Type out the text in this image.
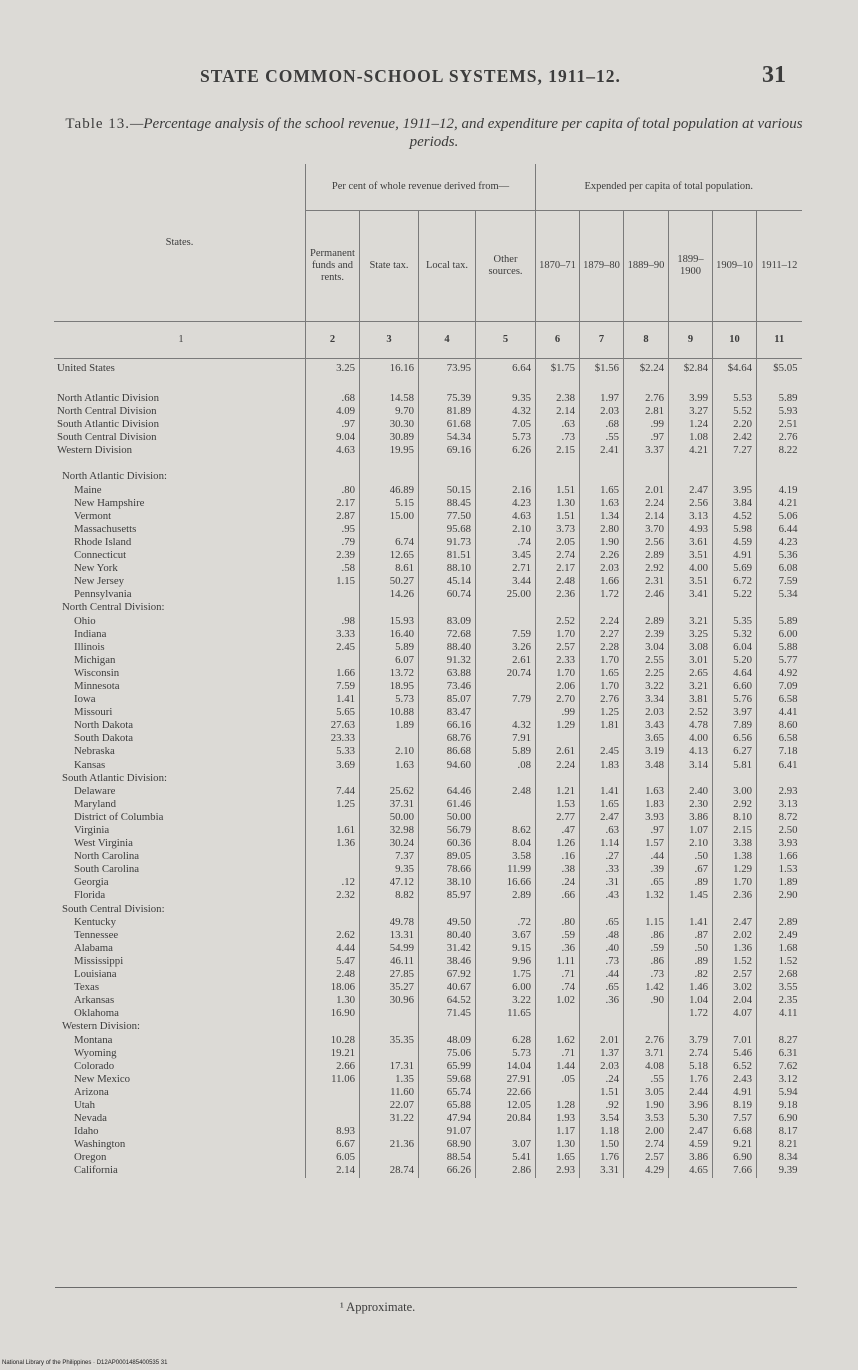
STATE COMMON-SCHOOL SYSTEMS, 1911–12.	31
Table 13.—Percentage analysis of the school revenue, 1911–12, and expenditure per capita of total population at various periods.
States.	Per cent of whole revenue derived from—				Expended per capita of total population.					
	Permanent funds and rents.	State tax.	Local tax.	Other sources.	1870–71	1879–80	1889–90	1899–1900	1909–10	1911–12
1	2	3	4	5	6	7	8	9	10	11
United States	3.25	16.16	73.95	6.64	$1.75	$1.56	$2.24	$2.84	$4.64	$5.05

North Atlantic Division	.68	14.58	75.39	9.35	2.38	1.97	2.76	3.99	5.53	5.89
North Central Division	4.09	9.70	81.89	4.32	2.14	2.03	2.81	3.27	5.52	5.93
South Atlantic Division	.97	30.30	61.68	7.05	.63	.68	.99	1.24	2.20	2.51
South Central Division	9.04	30.89	54.34	5.73	.73	.55	.97	1.08	2.42	2.76
Western Division	4.63	19.95	69.16	6.26	2.15	2.41	3.37	4.21	7.27	8.22

North Atlantic Division:										
Maine	.80	46.89	50.15	2.16	1.51	1.65	2.01	2.47	3.95	4.19
New Hampshire	2.17	5.15	88.45	4.23	1.30	1.63	2.24	2.56	3.84	4.21
Vermont	2.87	15.00	77.50	4.63	1.51	1.34	2.14	3.13	4.52	5.06
Massachusetts	.95		95.68	2.10	3.73	2.80	3.70	4.93	5.98	6.44
Rhode Island	.79	6.74	91.73	.74	2.05	1.90	2.56	3.61	4.59	4.23
Connecticut	2.39	12.65	81.51	3.45	2.74	2.26	2.89	3.51	4.91	5.36
New York	.58	8.61	88.10	2.71	2.17	2.03	2.92	4.00	5.69	6.08
New Jersey	1.15	50.27	45.14	3.44	2.48	1.66	2.31	3.51	6.72	7.59
Pennsylvania		14.26	60.74	25.00	2.36	1.72	2.46	3.41	5.22	5.34
North Central Division:										
Ohio	.98	15.93	83.09		2.52	2.24	2.89	3.21	5.35	5.89
Indiana	3.33	16.40	72.68	7.59	1.70	2.27	2.39	3.25	5.32	6.00
Illinois	2.45	5.89	88.40	3.26	2.57	2.28	3.04	3.08	6.04	5.88
Michigan		6.07	91.32	2.61	2.33	1.70	2.55	3.01	5.20	5.77
Wisconsin	1.66	13.72	63.88	20.74	1.70	1.65	2.25	2.65	4.64	4.92
Minnesota	7.59	18.95	73.46		2.06	1.70	3.22	3.21	6.60	7.09
Iowa	1.41	5.73	85.07	7.79	2.70	2.76	3.34	3.81	5.76	6.58
Missouri	5.65	10.88	83.47		.99	1.25	2.03	2.52	3.97	4.41
North Dakota	27.63	1.89	66.16	4.32	1.29	1.81	3.43	4.78	7.89	8.60
South Dakota	23.33		68.76	7.91			3.65	4.00	6.56	6.58
Nebraska	5.33	2.10	86.68	5.89	2.61	2.45	3.19	4.13	6.27	7.18
Kansas	3.69	1.63	94.60	.08	2.24	1.83	3.48	3.14	5.81	6.41
South Atlantic Division:										
Delaware	7.44	25.62	64.46	2.48	1.21	1.41	1.63	2.40	3.00	2.93
Maryland	1.25	37.31	61.46		1.53	1.65	1.83	2.30	2.92	3.13
District of Columbia		50.00	50.00		2.77	2.47	3.93	3.86	8.10	8.72
Virginia	1.61	32.98	56.79	8.62	.47	.63	.97	1.07	2.15	2.50
West Virginia	1.36	30.24	60.36	8.04	1.26	1.14	1.57	2.10	3.38	3.93
North Carolina		7.37	89.05	3.58	.16	.27	.44	.50	1.38	1.66
South Carolina		9.35	78.66	11.99	.38	.33	.39	.67	1.29	1.53
Georgia	.12	47.12	38.10	16.66	.24	.31	.65	.89	1.70	1.89
Florida	2.32	8.82	85.97	2.89	.66	.43	1.32	1.45	2.36	2.90
South Central Division:										
Kentucky		49.78	49.50	.72	.80	.65	1.15	1.41	2.47	2.89
Tennessee	2.62	13.31	80.40	3.67	.59	.48	.86	.87	2.02	2.49
Alabama	4.44	54.99	31.42	9.15	.36	.40	.59	.50	1.36	1.68
Mississippi	5.47	46.11	38.46	9.96	1.11	.73	.86	.89	1.52	1.52
Louisiana	2.48	27.85	67.92	1.75	.71	.44	.73	.82	2.57	2.68
Texas	18.06	35.27	40.67	6.00	.74	.65	1.42	1.46	3.02	3.55
Arkansas	1.30	30.96	64.52	3.22	1.02	.36	.90	1.04	2.04	2.35
Oklahoma	16.90		71.45	11.65				1.72	4.07	4.11
Western Division:										
Montana	10.28	35.35	48.09	6.28	1.62	2.01	2.76	3.79	7.01	8.27
Wyoming	19.21		75.06	5.73	.71	1.37	3.71	2.74	5.46	6.31
Colorado	2.66	17.31	65.99	14.04	1.44	2.03	4.08	5.18	6.52	7.62
New Mexico	11.06	1.35	59.68	27.91	.05	.24	.55	1.76	2.43	3.12
Arizona		11.60	65.74	22.66		1.51	3.05	2.44	4.91	5.94
Utah		22.07	65.88	12.05	1.28	.92	1.90	3.96	8.19	9.18
Nevada		31.22	47.94	20.84	1.93	3.54	3.53	5.30	7.57	6.90
Idaho	8.93		91.07		1.17	1.18	2.00	2.47	6.68	8.17
Washington	6.67	21.36	68.90	3.07	1.30	1.50	2.74	4.59	9.21	8.21
Oregon	6.05		88.54	5.41	1.65	1.76	2.57	3.86	6.90	8.34
California	2.14	28.74	66.26	2.86	2.93	3.31	4.29	4.65	7.66	9.39
¹ Approximate.
National Library of the Philippines · D12AP0001485400535 31
